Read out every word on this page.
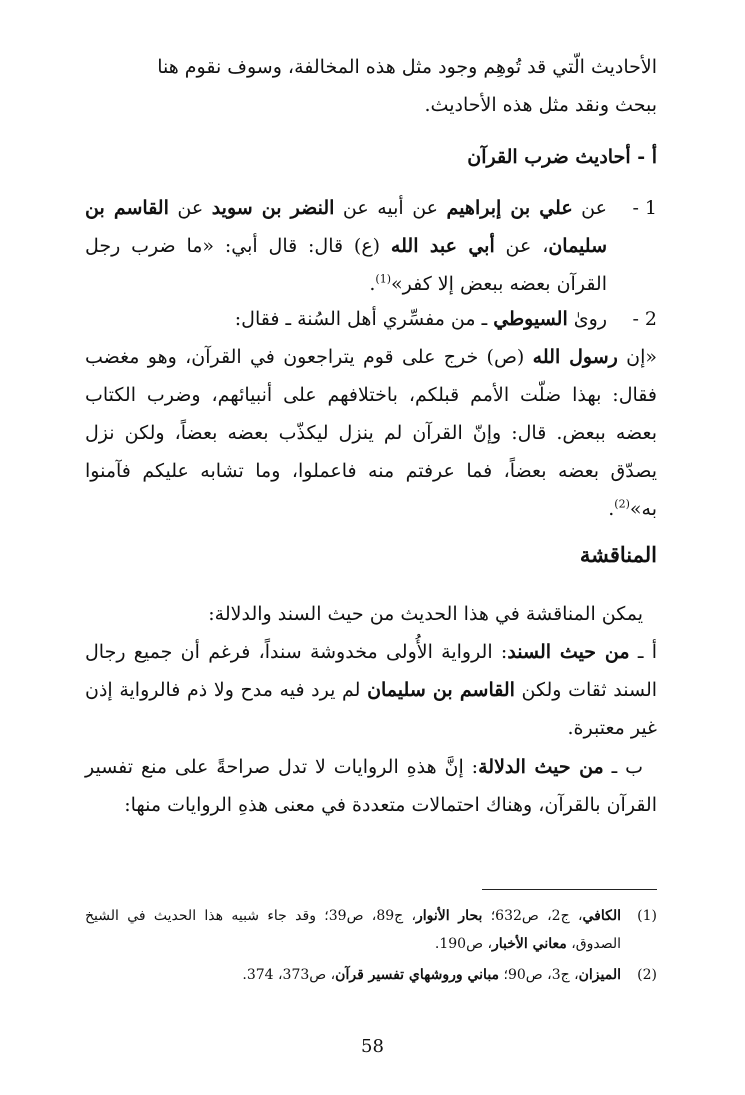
الأحاديث الّتي قد تُوهِم وجود مثل هذه المخالفة، وسوف نقوم هنا
ببحث ونقد مثل هذه الأحاديث.
أ - أحاديث ضرب القرآن
1 -
عن علي بن إبراهيم عن أبيه عن النضر بن سويد عن القاسم بن سليمان، عن أبي عبد الله (ع) قال: قال أبي: «ما ضرب رجل القرآن بعضه ببعض إلا كفر»$^{(1)}$.
2 -
روىٰ السيوطي ـ من مفسِّري أهل السُنة ـ فقال:
«إن رسول الله (ص) خرج على قوم يتراجعون في القرآن، وهو مغضب فقال: بهذا ضلّت الأمم قبلكم، باختلافهم على أنبيائهم، وضرب الكتاب بعضه ببعض. قال: وإنّ القرآن لم ينزل ليكذّب بعضه بعضاً، ولكن نزل يصدّق بعضه بعضاً، فما عرفتم منه فاعملوا، وما تشابه عليكم فآمنوا به»$^{(2)}$.
المناقشة
يمكن المناقشة في هذا الحديث من حيث السند والدلالة:
أ ـ من حيث السند: الرواية الأُولى مخدوشة سنداً، فرغم أن جميع رجال السند ثقات ولكن القاسم بن سليمان لم يرد فيه مدح ولا ذم فالرواية إذن غير معتبرة.
ب ـ من حيث الدلالة: إنَّ هذهِ الروايات لا تدل صراحةً على منع تفسير القرآن بالقرآن، وهناك احتمالات متعددة في معنى هذهِ الروايات منها:
(1)
الكافي، ج2، ص632؛ بحار الأنوار، ج89، ص39؛ وقد جاء شبيه هذا الحديث في الشيخ الصدوق، معاني الأخبار، ص190.
(2)
الميزان، ج3، ص90؛ مباني وروشهاي تفسير قرآن، ص373، 374.
58
